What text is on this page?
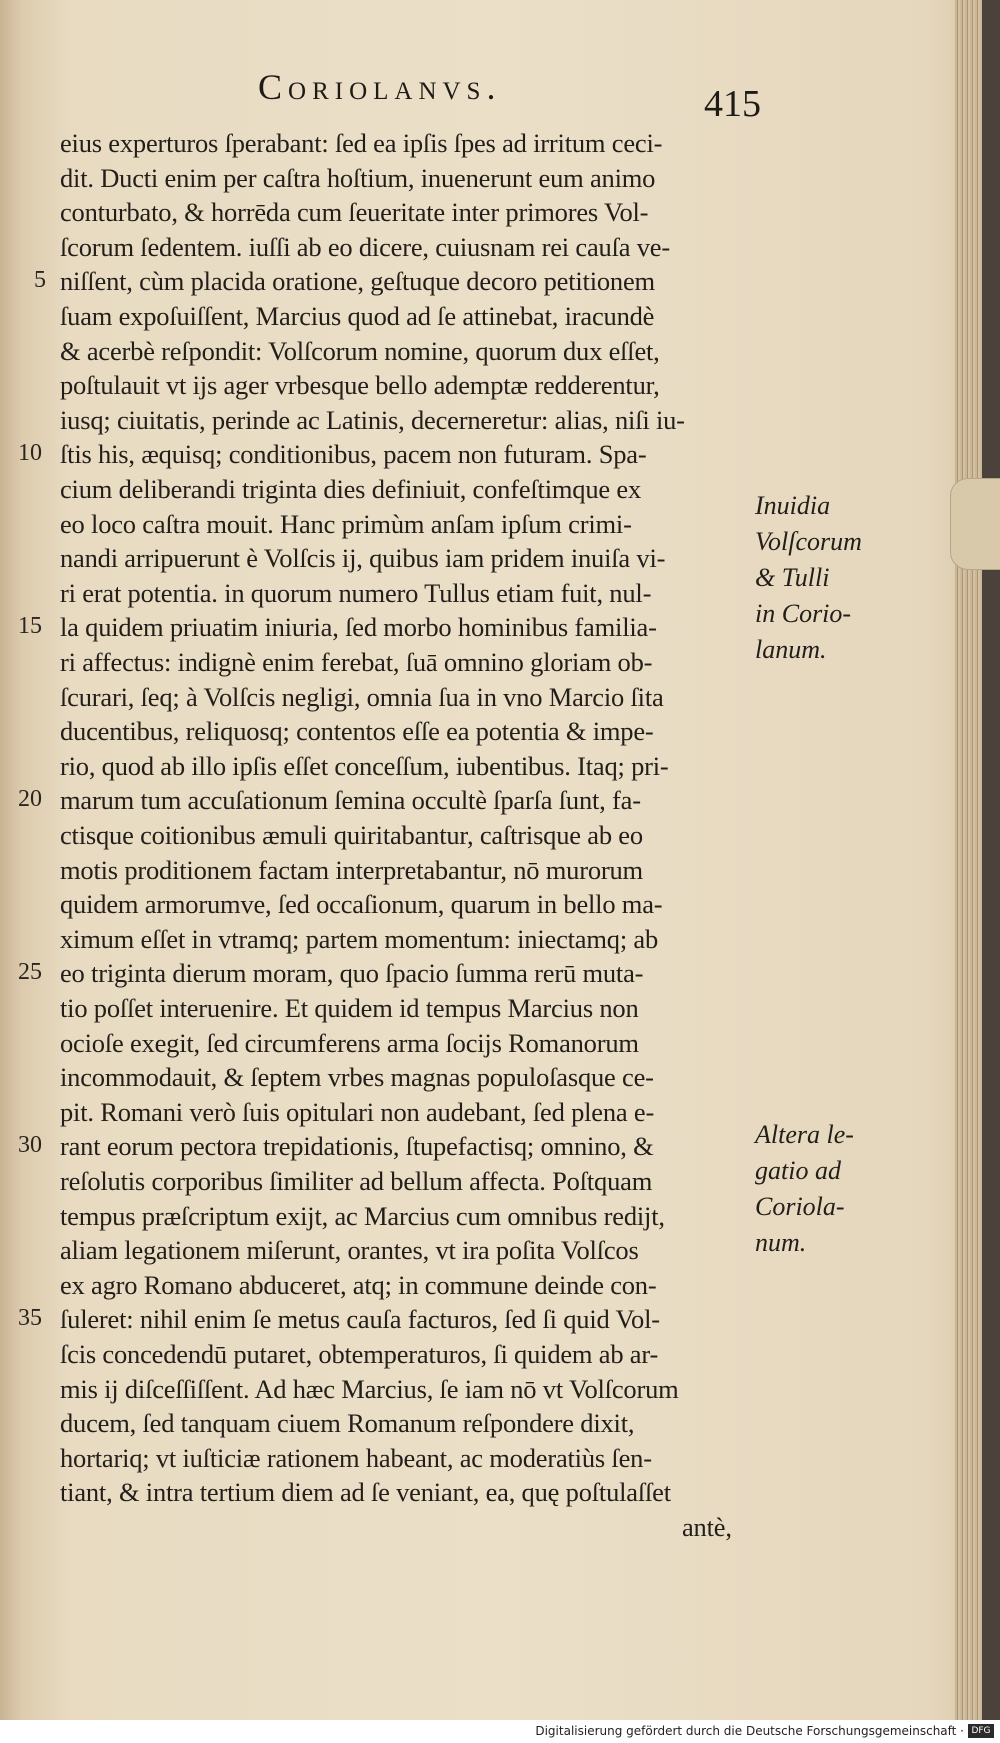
Coriolanvs.	415
eius experturos ſperabant: ſed ea ipſis ſpes ad irritum ceci-
dit. Ducti enim per caſtra hoſtium, inuenerunt eum animo
conturbato, & horrēda cum ſeueritate inter primores Vol-
ſcorum ſedentem. iuſſi ab eo dicere, cuiusnam rei cauſa ve-
niſſent, cùm placida oratione, geſtuque decoro petitionem
ſuam expoſuiſſent, Marcius quod ad ſe attinebat, iracundè
& acerbè reſpondit: Volſcorum nomine, quorum dux eſſet,
poſtulauit vt ijs ager vrbesque bello ademptæ redderentur,
iusq; ciuitatis, perinde ac Latinis, decerneretur: alias, niſi iu-
ſtis his, æquisq; conditionibus, pacem non futuram. Spa-
cium deliberandi triginta dies definiuit, confeſtimque ex
eo loco caſtra mouit. Hanc primùm anſam ipſum crimi-
nandi arripuerunt è Volſcis ij, quibus iam pridem inuiſa vi-
ri erat potentia. in quorum numero Tullus etiam fuit, nul-
la quidem priuatim iniuria, ſed morbo hominibus familia-
ri affectus: indignè enim ferebat, ſuā omnino gloriam ob-
ſcurari, ſeq; à Volſcis negligi, omnia ſua in vno Marcio ſita
ducentibus, reliquosq; contentos eſſe ea potentia & impe-
rio, quod ab illo ipſis eſſet conceſſum, iubentibus. Itaq; pri-
marum tum accuſationum ſemina occultè ſparſa ſunt, fa-
ctisque coitionibus æmuli quiritabantur, caſtrisque ab eo
motis proditionem factam interpretabantur, nō murorum
quidem armorumve, ſed occaſionum, quarum in bello ma-
ximum eſſet in vtramq; partem momentum: iniectamq; ab
eo triginta dierum moram, quo ſpacio ſumma rerū muta-
tio poſſet interuenire. Et quidem id tempus Marcius non
ocioſe exegit, ſed circumferens arma ſocijs Romanorum
incommodauit, & ſeptem vrbes magnas populoſasque ce-
pit. Romani verò ſuis opitulari non audebant, ſed plena e-
rant eorum pectora trepidationis, ſtupefactisq; omnino, &
reſolutis corporibus ſimiliter ad bellum affecta. Poſtquam
tempus præſcriptum exijt, ac Marcius cum omnibus redijt,
aliam legationem miſerunt, orantes, vt ira poſita Volſcos
ex agro Romano abduceret, atq; in commune deinde con-
ſuleret: nihil enim ſe metus cauſa facturos, ſed ſi quid Vol-
ſcis concedendū putaret, obtemperaturos, ſi quidem ab ar-
mis ij diſceſſiſſent. Ad hæc Marcius, ſe iam nō vt Volſcorum
ducem, ſed tanquam ciuem Romanum reſpondere dixit,
hortariq; vt iuſticiæ rationem habeant, ac moderatiùs ſen-
tiant, & intra tertium diem ad ſe veniant, ea, quę poſtulaſſet
antè,
5
10
15
20
25
30
35
Inuidia
Volſcorum
& Tulli
in Corio-
lanum.
Altera le-
gatio ad
Coriola-
num.
Digitalisierung gefördert durch die Deutsche Forschungsgemeinschaft · DFG
